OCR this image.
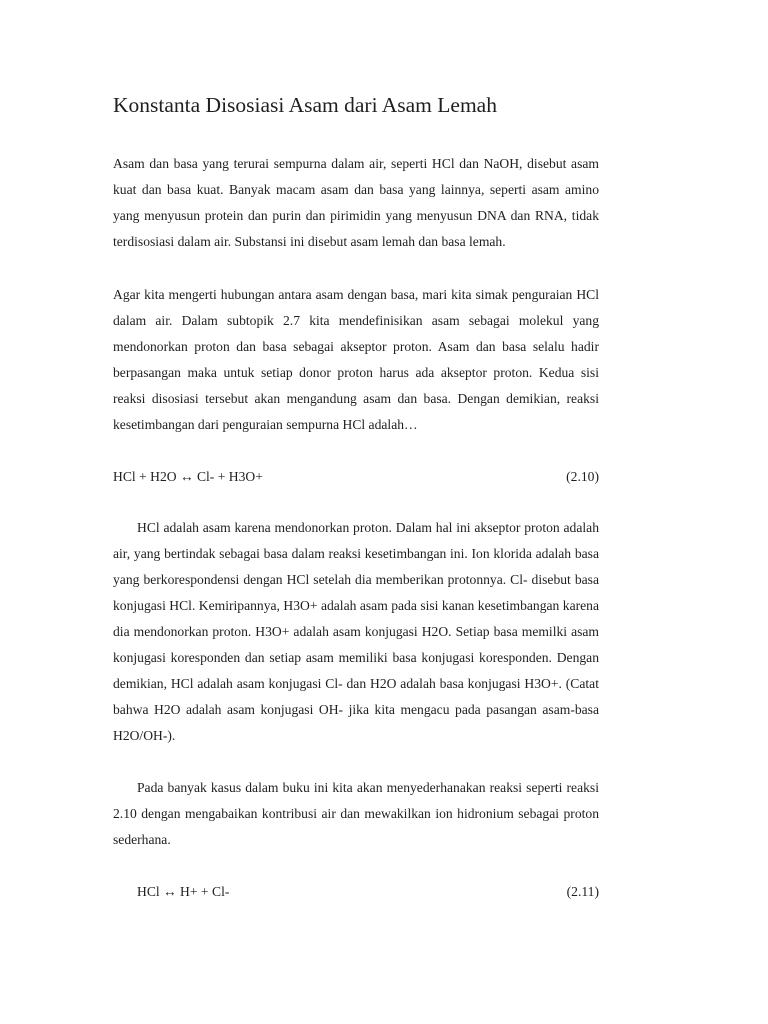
Konstanta Disosiasi Asam dari Asam Lemah

Asam dan basa yang terurai sempurna dalam air, seperti HCl dan NaOH, disebut asam kuat dan basa kuat. Banyak macam asam dan basa yang lainnya, seperti asam amino yang menyusun protein dan purin dan pirimidin yang menyusun DNA dan RNA, tidak terdisosiasi dalam air. Substansi ini disebut asam lemah dan basa lemah.

Agar kita mengerti hubungan antara asam dengan basa, mari kita simak penguraian HCl dalam air. Dalam subtopik 2.7 kita mendefinisikan asam sebagai molekul yang mendonorkan proton dan basa sebagai akseptor proton. Asam dan basa selalu hadir berpasangan maka untuk setiap donor proton harus ada akseptor proton. Kedua sisi reaksi disosiasi tersebut akan mengandung asam dan basa. Dengan demikian, reaksi kesetimbangan dari penguraian sempurna HCl adalah…

HCl + H2O ↔ Cl- + H3O+	(2.10)

HCl adalah asam karena mendonorkan proton. Dalam hal ini akseptor proton adalah air, yang bertindak sebagai basa dalam reaksi kesetimbangan ini. Ion klorida adalah basa yang berkorespondensi dengan HCl setelah dia memberikan protonnya. Cl- disebut basa konjugasi HCl. Kemiripannya, H3O+ adalah asam pada sisi kanan kesetimbangan karena dia mendonorkan proton. H3O+ adalah asam konjugasi H2O. Setiap basa memilki asam konjugasi koresponden dan setiap asam memiliki basa konjugasi koresponden. Dengan demikian, HCl adalah asam konjugasi Cl- dan H2O adalah basa konjugasi H3O+. (Catat bahwa H2O adalah asam konjugasi OH- jika kita mengacu pada pasangan asam-basa H2O/OH-).

Pada banyak kasus dalam buku ini kita akan menyederhanakan reaksi seperti reaksi 2.10 dengan mengabaikan kontribusi air dan mewakilkan ion hidronium sebagai proton sederhana.

HCl ↔ H+ + Cl-	(2.11)
